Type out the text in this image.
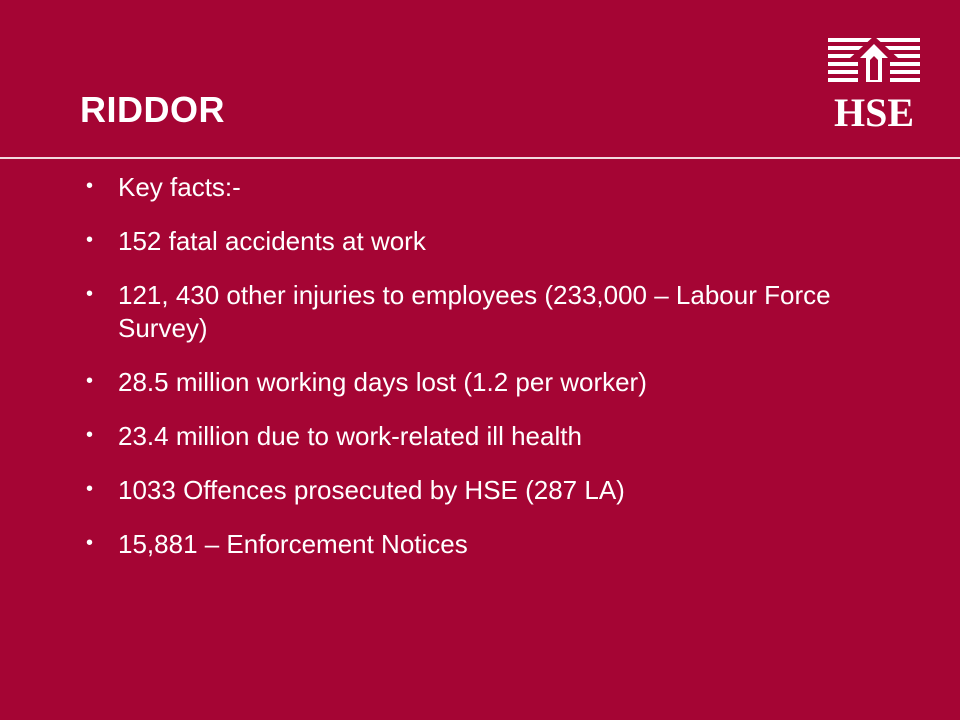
RIDDOR	HSE
• Key facts:-
• 152 fatal accidents at work
• 121, 430 other injuries to employees (233,000 – Labour Force Survey)
• 28.5 million working days lost (1.2 per worker)
• 23.4 million due to work-related ill health
• 1033 Offences prosecuted by HSE (287 LA)
• 15,881 – Enforcement Notices
